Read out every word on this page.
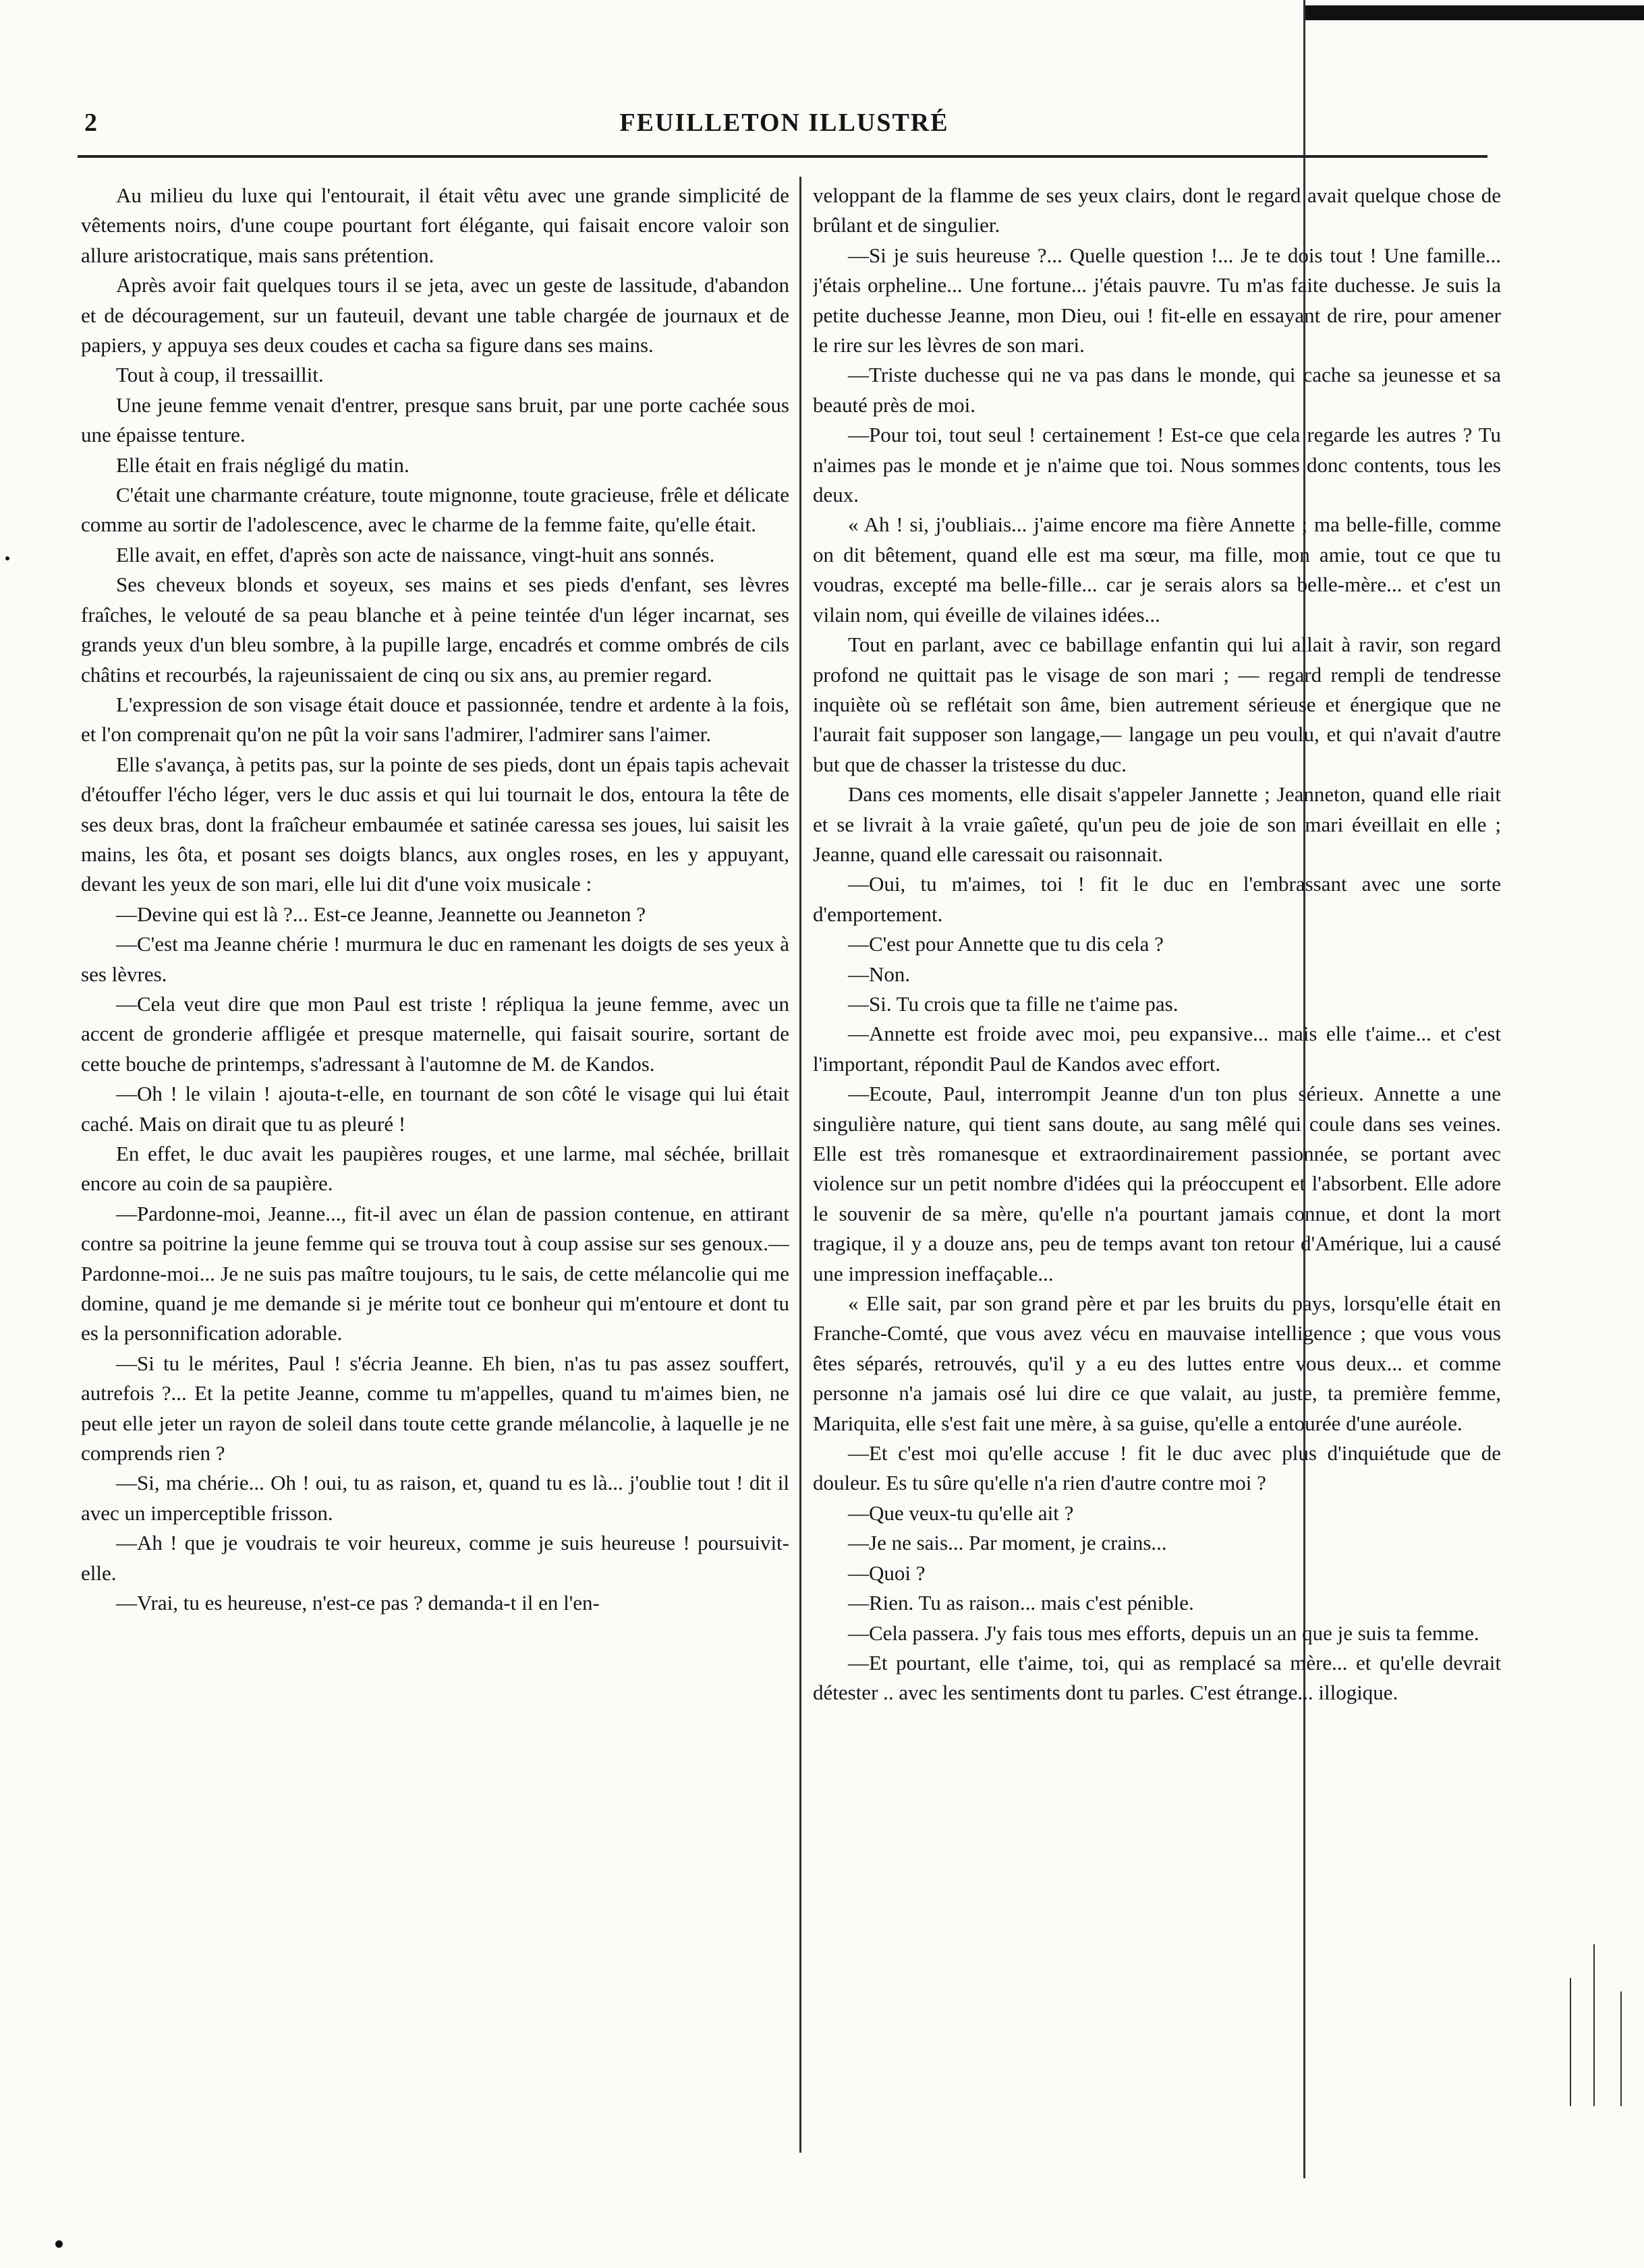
2	FEUILLETON ILLUSTRÉ

Au milieu du luxe qui l'entourait, il était vêtu avec une grande simplicité de vêtements noirs, d'une coupe pourtant fort élégante, qui faisait encore valoir son allure aristocratique, mais sans prétention.

Après avoir fait quelques tours il se jeta, avec un geste de lassitude, d'abandon et de découragement, sur un fauteuil, devant une table chargée de journaux et de papiers, y appuya ses deux coudes et cacha sa figure dans ses mains.

Tout à coup, il tressaillit.

Une jeune femme venait d'entrer, presque sans bruit, par une porte cachée sous une épaisse tenture.

Elle était en frais négligé du matin.

C'était une charmante créature, toute mignonne, toute gracieuse, frêle et délicate comme au sortir de l'adolescence, avec le charme de la femme faite, qu'elle était.

Elle avait, en effet, d'après son acte de naissance, vingt-huit ans sonnés.

Ses cheveux blonds et soyeux, ses mains et ses pieds d'enfant, ses lèvres fraîches, le velouté de sa peau blanche et à peine teintée d'un léger incarnat, ses grands yeux d'un bleu sombre, à la pupille large, encadrés et comme ombrés de cils châtins et recourbés, la rajeunissaient de cinq ou six ans, au premier regard.

L'expression de son visage était douce et passionnée, tendre et ardente à la fois, et l'on comprenait qu'on ne pût la voir sans l'admirer, l'admirer sans l'aimer.

Elle s'avança, à petits pas, sur la pointe de ses pieds, dont un épais tapis achevait d'étouffer l'écho léger, vers le duc assis et qui lui tournait le dos, entoura la tête de ses deux bras, dont la fraîcheur embaumée et satinée caressa ses joues, lui saisit les mains, les ôta, et posant ses doigts blancs, aux ongles roses, en les y appuyant, devant les yeux de son mari, elle lui dit d'une voix musicale :

—Devine qui est là ?... Est-ce Jeanne, Jeannette ou Jeanneton ?

—C'est ma Jeanne chérie ! murmura le duc en ramenant les doigts de ses yeux à ses lèvres.

—Cela veut dire que mon Paul est triste ! répliqua la jeune femme, avec un accent de gronderie affligée et presque maternelle, qui faisait sourire, sortant de cette bouche de printemps, s'adressant à l'automne de M. de Kandos.

—Oh ! le vilain ! ajouta-t-elle, en tournant de son côté le visage qui lui était caché. Mais on dirait que tu as pleuré !

En effet, le duc avait les paupières rouges, et une larme, mal séchée, brillait encore au coin de sa paupière.

—Pardonne-moi, Jeanne..., fit-il avec un élan de passion contenue, en attirant contre sa poitrine la jeune femme qui se trouva tout à coup assise sur ses genoux.— Pardonne-moi... Je ne suis pas maître toujours, tu le sais, de cette mélancolie qui me domine, quand je me demande si je mérite tout ce bonheur qui m'entoure et dont tu es la personnification adorable.

—Si tu le mérites, Paul ! s'écria Jeanne. Eh bien, n'as tu pas assez souffert, autrefois ?... Et la petite Jeanne, comme tu m'appelles, quand tu m'aimes bien, ne peut elle jeter un rayon de soleil dans toute cette grande mélancolie, à laquelle je ne comprends rien ?

—Si, ma chérie... Oh ! oui, tu as raison, et, quand tu es là... j'oublie tout ! dit il avec un imperceptible frisson.

—Ah ! que je voudrais te voir heureux, comme je suis heureuse ! poursuivit-elle.

—Vrai, tu es heureuse, n'est-ce pas ? demanda-t il en l'en-

veloppant de la flamme de ses yeux clairs, dont le regard avait quelque chose de brûlant et de singulier.

—Si je suis heureuse ?... Quelle question !... Je te dois tout ! Une famille... j'étais orpheline... Une fortune... j'étais pauvre. Tu m'as faite duchesse. Je suis la petite duchesse Jeanne, mon Dieu, oui ! fit-elle en essayant de rire, pour amener le rire sur les lèvres de son mari.

—Triste duchesse qui ne va pas dans le monde, qui cache sa jeunesse et sa beauté près de moi.

—Pour toi, tout seul ! certainement ! Est-ce que cela regarde les autres ? Tu n'aimes pas le monde et je n'aime que toi. Nous sommes donc contents, tous les deux.

« Ah ! si, j'oubliais... j'aime encore ma fière Annette ; ma belle-fille, comme on dit bêtement, quand elle est ma sœur, ma fille, mon amie, tout ce que tu voudras, excepté ma belle-fille... car je serais alors sa belle-mère... et c'est un vilain nom, qui éveille de vilaines idées...

Tout en parlant, avec ce babillage enfantin qui lui allait à ravir, son regard profond ne quittait pas le visage de son mari ; — regard rempli de tendresse inquiète où se reflétait son âme, bien autrement sérieuse et énergique que ne l'aurait fait supposer son langage,— langage un peu voulu, et qui n'avait d'autre but que de chasser la tristesse du duc.

Dans ces moments, elle disait s'appeler Jannette ; Jeanneton, quand elle riait et se livrait à la vraie gaîeté, qu'un peu de joie de son mari éveillait en elle ; Jeanne, quand elle caressait ou raisonnait.

—Oui, tu m'aimes, toi ! fit le duc en l'embrassant avec une sorte d'emportement.

—C'est pour Annette que tu dis cela ?

—Non.

—Si. Tu crois que ta fille ne t'aime pas.

—Annette est froide avec moi, peu expansive... mais elle t'aime... et c'est l'important, répondit Paul de Kandos avec effort.

—Ecoute, Paul, interrompit Jeanne d'un ton plus sérieux. Annette a une singulière nature, qui tient sans doute, au sang mêlé qui coule dans ses veines. Elle est très romanesque et extraordinairement passionnée, se portant avec violence sur un petit nombre d'idées qui la préoccupent et l'absorbent. Elle adore le souvenir de sa mère, qu'elle n'a pourtant jamais connue, et dont la mort tragique, il y a douze ans, peu de temps avant ton retour d'Amérique, lui a causé une impression ineffaçable...

« Elle sait, par son grand père et par les bruits du pays, lorsqu'elle était en Franche-Comté, que vous avez vécu en mauvaise intelligence ; que vous vous êtes séparés, retrouvés, qu'il y a eu des luttes entre vous deux... et comme personne n'a jamais osé lui dire ce que valait, au juste, ta première femme, Mariquita, elle s'est fait une mère, à sa guise, qu'elle a entourée d'une auréole.

—Et c'est moi qu'elle accuse ! fit le duc avec plus d'inquiétude que de douleur. Es tu sûre qu'elle n'a rien d'autre contre moi ?

—Que veux-tu qu'elle ait ?

—Je ne sais... Par moment, je crains...

—Quoi ?

—Rien. Tu as raison... mais c'est pénible.

—Cela passera. J'y fais tous mes efforts, depuis un an que je suis ta femme.

—Et pourtant, elle t'aime, toi, qui as remplacé sa mère... et qu'elle devrait détester .. avec les sentiments dont tu parles. C'est étrange... illogique.
